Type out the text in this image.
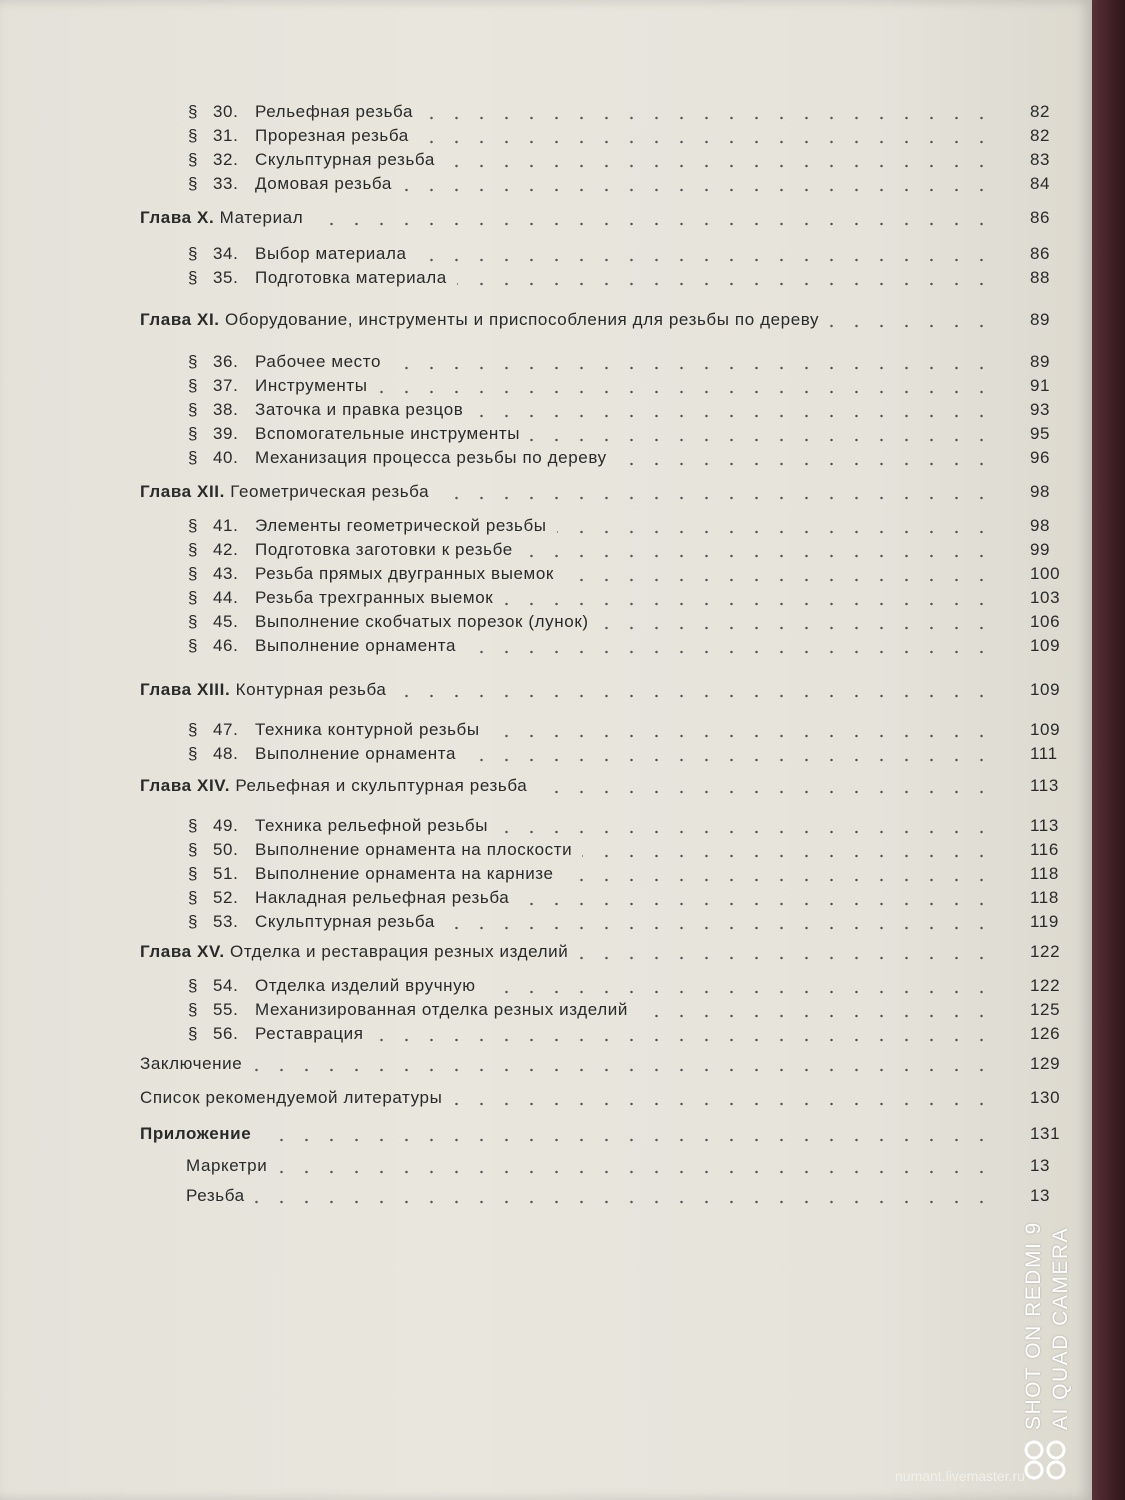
§ 30. Рельефная резьба	82
§ 31. Прорезная резьба	82
§ 32. Скульптурная резьба	83
§ 33. Домовая резьба	84
Глава X. Материал	86
§ 34. Выбор материала	86
§ 35. Подготовка материала	88
Глава XI. Оборудование, инструменты и приспособления для резьбы по дереву	89
§ 36. Рабочее место	89
§ 37. Инструменты	91
§ 38. Заточка и правка резцов	93
§ 39. Вспомогательные инструменты	95
§ 40. Механизация процесса резьбы по дереву	96
Глава XII. Геометрическая резьба	98
§ 41. Элементы геометрической резьбы	98
§ 42. Подготовка заготовки к резьбе	99
§ 43. Резьба прямых двугранных выемок	100
§ 44. Резьба трехгранных выемок	103
§ 45. Выполнение скобчатых порезок (лунок)	106
§ 46. Выполнение орнамента	109
Глава XIII. Контурная резьба	109
§ 47. Техника контурной резьбы	109
§ 48. Выполнение орнамента	111
Глава XIV. Рельефная и скульптурная резьба	113
§ 49. Техника рельефной резьбы	113
§ 50. Выполнение орнамента на плоскости	116
§ 51. Выполнение орнамента на карнизе	118
§ 52. Накладная рельефная резьба	118
§ 53. Скульптурная резьба	119
Глава XV. Отделка и реставрация резных изделий	122
§ 54. Отделка изделий вручную	122
§ 55. Механизированная отделка резных изделий	125
§ 56. Реставрация	126
Заключение	129
Список рекомендуемой литературы	130
Приложение	131
Маркетри	13
Резьба	13
SHOT ON REDMI 9 AI QUAD CAMERA
numant.livemaster.ru
